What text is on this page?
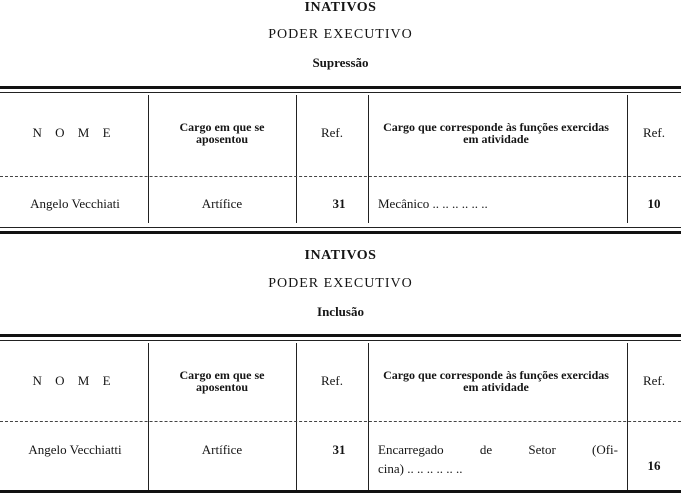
INATIVOS
PODER EXECUTIVO
Supressão
N O M E	Cargo em que se aposentou	Ref.	Cargo que corresponde às funções exercidas em atividade	Ref.
Angelo Vecchiati	Artífice	31	Mecânico .. .. .. .. .. ..	10
INATIVOS
PODER EXECUTIVO
Inclusão
N O M E	Cargo em que se aposentou	Ref.	Cargo que corresponde às funções exercidas em atividade	Ref.
Angelo Vecchiatti	Artífice	31	Encarregado de Setor (Ofi-
cina) .. .. .. .. .. ..	16
